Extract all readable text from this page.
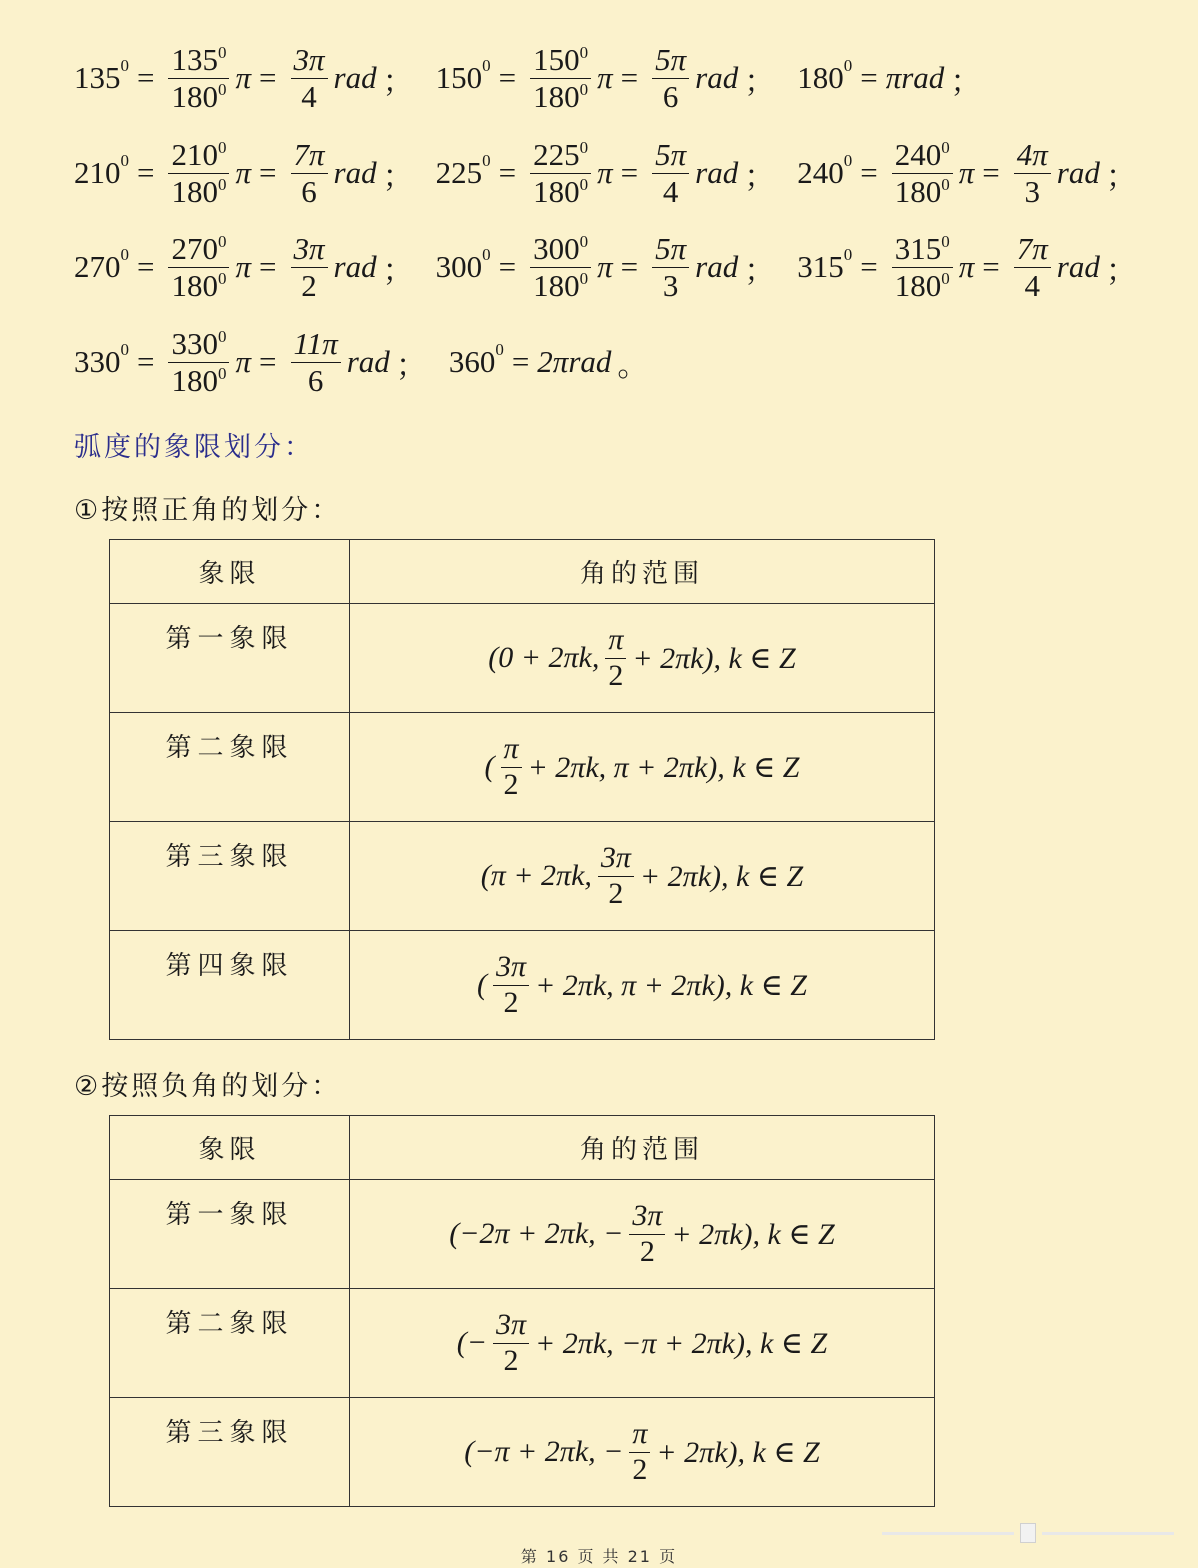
135 $0 = \frac{135^0}{180^0}$ $\pi = \frac{3\pi}{4}$ rad ； 150 $0 = \frac{150^0}{180^0}$ $\pi = \frac{5\pi}{6}$ rad ； 180 0 = πrad ；
210 $0 = \frac{210^0}{180^0}$ $\pi = \frac{7\pi}{6}$ rad ； 225 $0 = \frac{225^0}{180^0}$ $\pi = \frac{5\pi}{4}$ rad ； 240 $0 = \frac{240^0}{180^0}$ $\pi = \frac{4\pi}{3}$ rad ；
270 $0 = \frac{270^0}{180^0}$ $\pi = \frac{3\pi}{2}$ rad ； 300 $0 = \frac{300^0}{180^0}$ $\pi = \frac{5\pi}{3}$ rad ； 315 $0 = \frac{315^0}{180^0}$ $\pi = \frac{7\pi}{4}$ rad ；
330 $0 = \frac{330^0}{180^0}$ $\pi = \frac{11\pi}{6}$ rad ； 360 0 = 2πrad 。
弧度的象限划分：
①按照正角的划分：
象限	角的范围
第一象限	(0 + 2πk, $\frac{\pi}{2} + 2\pi k$), k ∈ Z

第二象限	( $\frac{\pi}{2} + 2\pi k$, π + 2πk), k ∈ Z

第三象限	(π + 2πk, $\frac{3\pi}{2} + 2\pi k$), k ∈ Z

第四象限	( $\frac{3\pi}{2} + 2\pi k$, π + 2πk), k ∈ Z
②按照负角的划分：
象限	角的范围
第一象限	(−2π + 2πk, − $\frac{3\pi}{2} + 2\pi k$), k ∈ Z

第二象限	(− $\frac{3\pi}{2} + 2\pi k$, −π + 2πk), k ∈ Z

第三象限	(−π + 2πk, − $\frac{\pi}{2} + 2\pi k$), k ∈ Z
第 16 页 共 21 页
